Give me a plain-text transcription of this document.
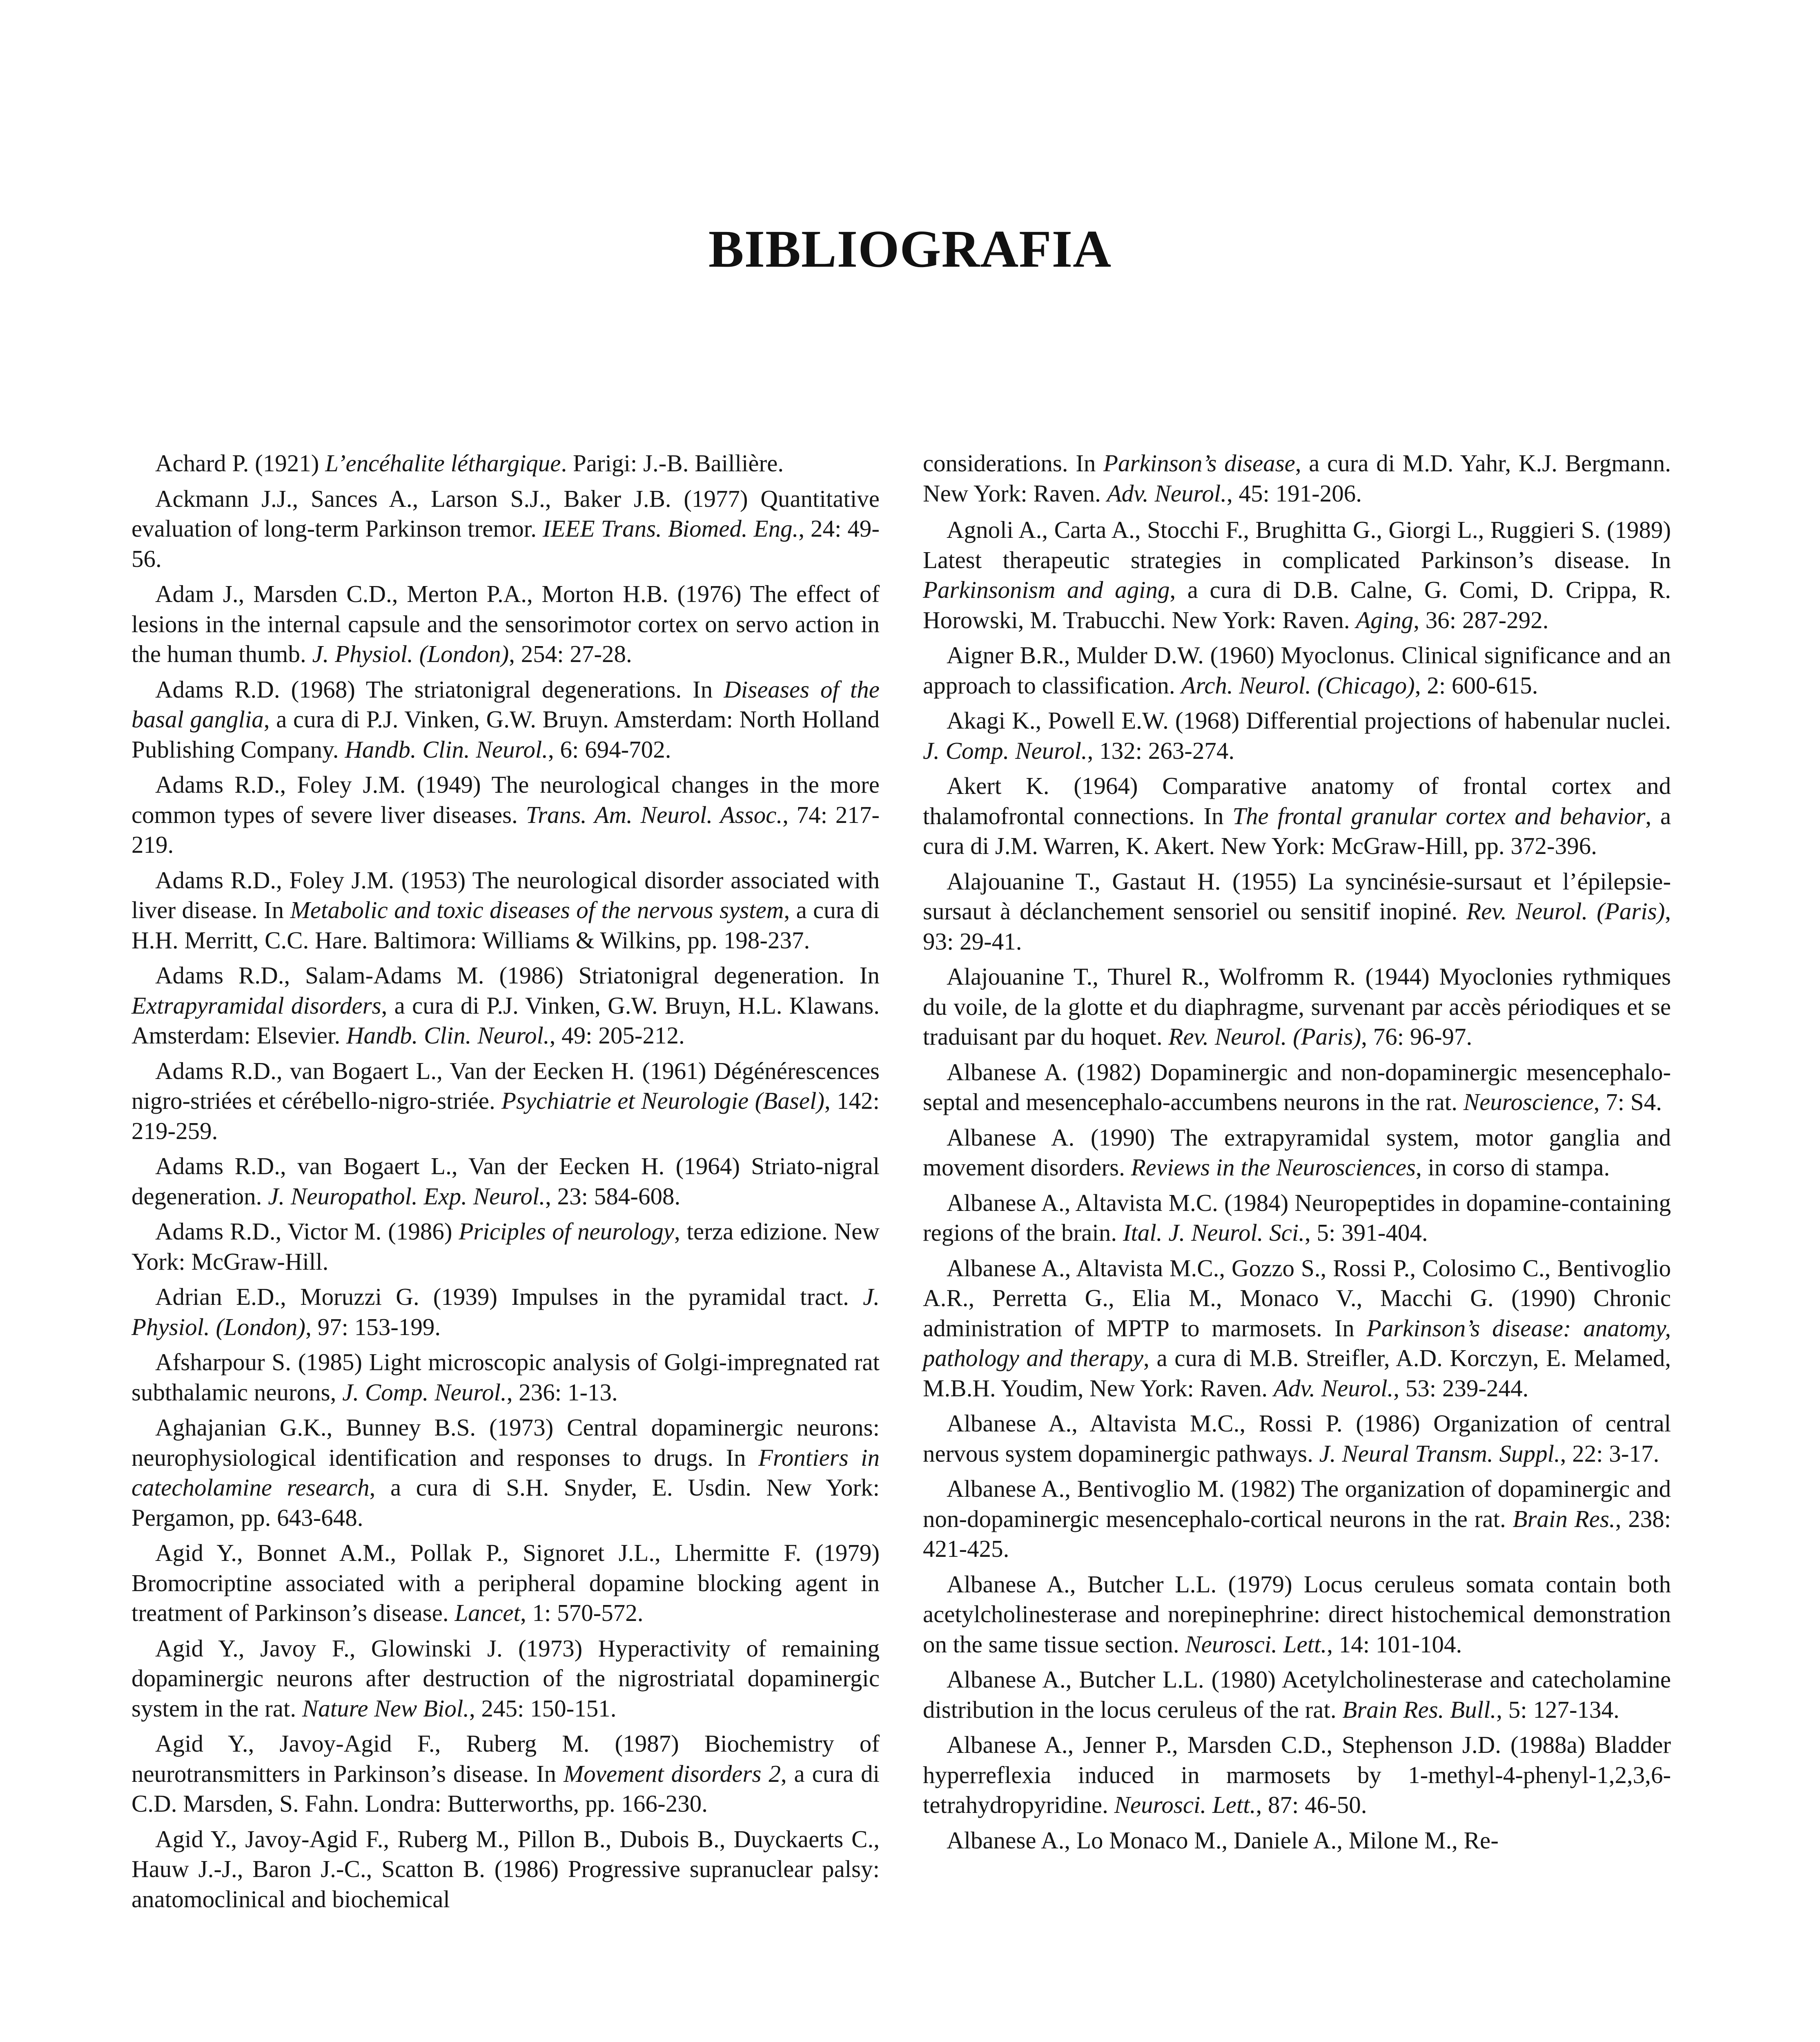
BIBLIOGRAFIA

Achard P. (1921) L’encéhalite léthargique. Parigi: J.-B. Baillière.

Ackmann J.J., Sances A., Larson S.J., Baker J.B. (1977) Quantitative evaluation of long-term Parkinson tremor. IEEE Trans. Biomed. Eng., 24: 49-56.

Adam J., Marsden C.D., Merton P.A., Morton H.B. (1976) The effect of lesions in the internal capsule and the sensorimotor cortex on servo action in the human thumb. J. Physiol. (London), 254: 27-28.

Adams R.D. (1968) The striatonigral degenerations. In Diseases of the basal ganglia, a cura di P.J. Vinken, G.W. Bruyn. Amsterdam: North Holland Publishing Company. Handb. Clin. Neurol., 6: 694-702.

Adams R.D., Foley J.M. (1949) The neurological changes in the more common types of severe liver diseases. Trans. Am. Neurol. Assoc., 74: 217-219.

Adams R.D., Foley J.M. (1953) The neurological disorder associated with liver disease. In Metabolic and toxic diseases of the nervous system, a cura di H.H. Merritt, C.C. Hare. Baltimora: Williams & Wilkins, pp. 198-237.

Adams R.D., Salam-Adams M. (1986) Striatonigral degeneration. In Extrapyramidal disorders, a cura di P.J. Vinken, G.W. Bruyn, H.L. Klawans. Amsterdam: Elsevier. Handb. Clin. Neurol., 49: 205-212.

Adams R.D., van Bogaert L., Van der Eecken H. (1961) Dégénérescences nigro-striées et cérébello-nigro-striée. Psychiatrie et Neurologie (Basel), 142: 219-259.

Adams R.D., van Bogaert L., Van der Eecken H. (1964) Striato-nigral degeneration. J. Neuropathol. Exp. Neurol., 23: 584-608.

Adams R.D., Victor M. (1986) Priciples of neurology, terza edizione. New York: McGraw-Hill.

Adrian E.D., Moruzzi G. (1939) Impulses in the pyramidal tract. J. Physiol. (London), 97: 153-199.

Afsharpour S. (1985) Light microscopic analysis of Golgi-impregnated rat subthalamic neurons, J. Comp. Neurol., 236: 1-13.

Aghajanian G.K., Bunney B.S. (1973) Central dopaminergic neurons: neurophysiological identification and responses to drugs. In Frontiers in catecholamine research, a cura di S.H. Snyder, E. Usdin. New York: Pergamon, pp. 643-648.

Agid Y., Bonnet A.M., Pollak P., Signoret J.L., Lhermitte F. (1979) Bromocriptine associated with a peripheral dopamine blocking agent in treatment of Parkinson’s disease. Lancet, 1: 570-572.

Agid Y., Javoy F., Glowinski J. (1973) Hyperactivity of remaining dopaminergic neurons after destruction of the nigrostriatal dopaminergic system in the rat. Nature New Biol., 245: 150-151.

Agid Y., Javoy-Agid F., Ruberg M. (1987) Biochemistry of neurotransmitters in Parkinson’s disease. In Movement disorders 2, a cura di C.D. Marsden, S. Fahn. Londra: Butterworths, pp. 166-230.

Agid Y., Javoy-Agid F., Ruberg M., Pillon B., Dubois B., Duyckaerts C., Hauw J.-J., Baron J.-C., Scatton B. (1986) Progressive supranuclear palsy: anatomoclinical and biochemical

considerations. In Parkinson’s disease, a cura di M.D. Yahr, K.J. Bergmann. New York: Raven. Adv. Neurol., 45: 191-206.

Agnoli A., Carta A., Stocchi F., Brughitta G., Giorgi L., Ruggieri S. (1989) Latest therapeutic strategies in complicated Parkinson’s disease. In Parkinsonism and aging, a cura di D.B. Calne, G. Comi, D. Crippa, R. Horowski, M. Trabucchi. New York: Raven. Aging, 36: 287-292.

Aigner B.R., Mulder D.W. (1960) Myoclonus. Clinical significance and an approach to classification. Arch. Neurol. (Chicago), 2: 600-615.

Akagi K., Powell E.W. (1968) Differential projections of habenular nuclei. J. Comp. Neurol., 132: 263-274.

Akert K. (1964) Comparative anatomy of frontal cortex and thalamofrontal connections. In The frontal granular cortex and behavior, a cura di J.M. Warren, K. Akert. New York: McGraw-Hill, pp. 372-396.

Alajouanine T., Gastaut H. (1955) La syncinésie-sursaut et l’épilepsie-sursaut à déclanchement sensoriel ou sensitif inopiné. Rev. Neurol. (Paris), 93: 29-41.

Alajouanine T., Thurel R., Wolfromm R. (1944) Myoclonies rythmiques du voile, de la glotte et du diaphragme, survenant par accès périodiques et se traduisant par du hoquet. Rev. Neurol. (Paris), 76: 96-97.

Albanese A. (1982) Dopaminergic and non-dopaminergic mesencephalo-septal and mesencephalo-accumbens neurons in the rat. Neuroscience, 7: S4.

Albanese A. (1990) The extrapyramidal system, motor ganglia and movement disorders. Reviews in the Neurosciences, in corso di stampa.

Albanese A., Altavista M.C. (1984) Neuropeptides in dopamine-containing regions of the brain. Ital. J. Neurol. Sci., 5: 391-404.

Albanese A., Altavista M.C., Gozzo S., Rossi P., Colosimo C., Bentivoglio A.R., Perretta G., Elia M., Monaco V., Macchi G. (1990) Chronic administration of MPTP to marmosets. In Parkinson’s disease: anatomy, pathology and therapy, a cura di M.B. Streifler, A.D. Korczyn, E. Melamed, M.B.H. Youdim, New York: Raven. Adv. Neurol., 53: 239-244.

Albanese A., Altavista M.C., Rossi P. (1986) Organization of central nervous system dopaminergic pathways. J. Neural Transm. Suppl., 22: 3-17.

Albanese A., Bentivoglio M. (1982) The organization of dopaminergic and non-dopaminergic mesencephalo-cortical neurons in the rat. Brain Res., 238: 421-425.

Albanese A., Butcher L.L. (1979) Locus ceruleus somata contain both acetylcholinesterase and norepinephrine: direct histochemical demonstration on the same tissue section. Neurosci. Lett., 14: 101-104.

Albanese A., Butcher L.L. (1980) Acetylcholinesterase and catecholamine distribution in the locus ceruleus of the rat. Brain Res. Bull., 5: 127-134.

Albanese A., Jenner P., Marsden C.D., Stephenson J.D. (1988a) Bladder hyperreflexia induced in marmosets by 1-methyl-4-phenyl-1,2,3,6-tetrahydropyridine. Neurosci. Lett., 87: 46-50.

Albanese A., Lo Monaco M., Daniele A., Milone M., Re-
